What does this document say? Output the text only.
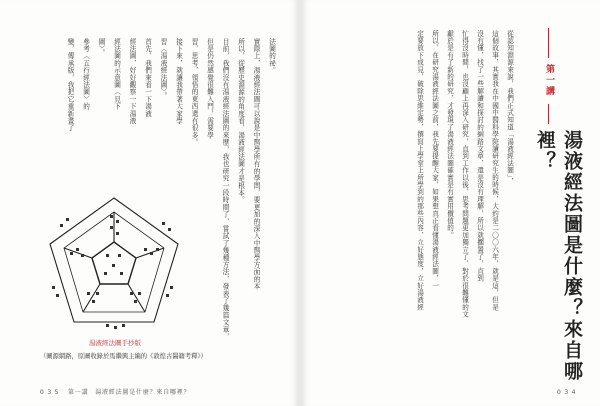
法圖的祕。
實際上，湯液經法圖可以說是中醫學所有的學問，要更加的深入中醫學方面的本
所以，從歷史淵源的角度看，湯液經法圖才是根本。
目前，我們沒有湯液經法圖的來歷，我也研究一段時間了，嘗試了幾種方法，發表了幾篇文章，
但是仍然感覺很難入門，需要學
習，思考，領悟的東西還有很多。
接下來，就讓我帶著大家學
習〈湯液經法圖〉。
首先，我們來看一下湯液
經法圖，好好觀察一下湯液
經法圖的示意圖（見下
圖）。
參考〈五行經法圖〉的
變，傳承版，我把它重新畫了
湯液經法圖手抄版
（圖源網路，原圖收錄於馬繼興主編的《敦煌古醫籍考釋》）
0 3 5 第一講　湯液經法圖是什麼？來自哪裡？
從認知淵源來說，我們正式知道「湯液經法圖」，
這個故事，其實我在中國中醫科學院讀研究生的時候，大約是二〇〇六年，就是這，但是
沒有懂，找了一些解讀和探討的網路文章，還是沒有理解，所以就擱置了，直到
忙得沒時間，也沒顧上再深入研究，直到工作以後，思考問題更加獨立了，對於很難懂的文
獻於是有了新的研究，才發現了湯液經法圖確實是有實用價值的。
所以，在研究湯液經法圖之前，我先要提醒大家，如果想真正看懂湯液經法圖，一
定要放下成見，破除思維定勢，撰寫上學堂上所學到的那些內容，立好態度，立好湯液經	第一講
湯液經法圖是什麼？來自哪裡？
0 3 4
